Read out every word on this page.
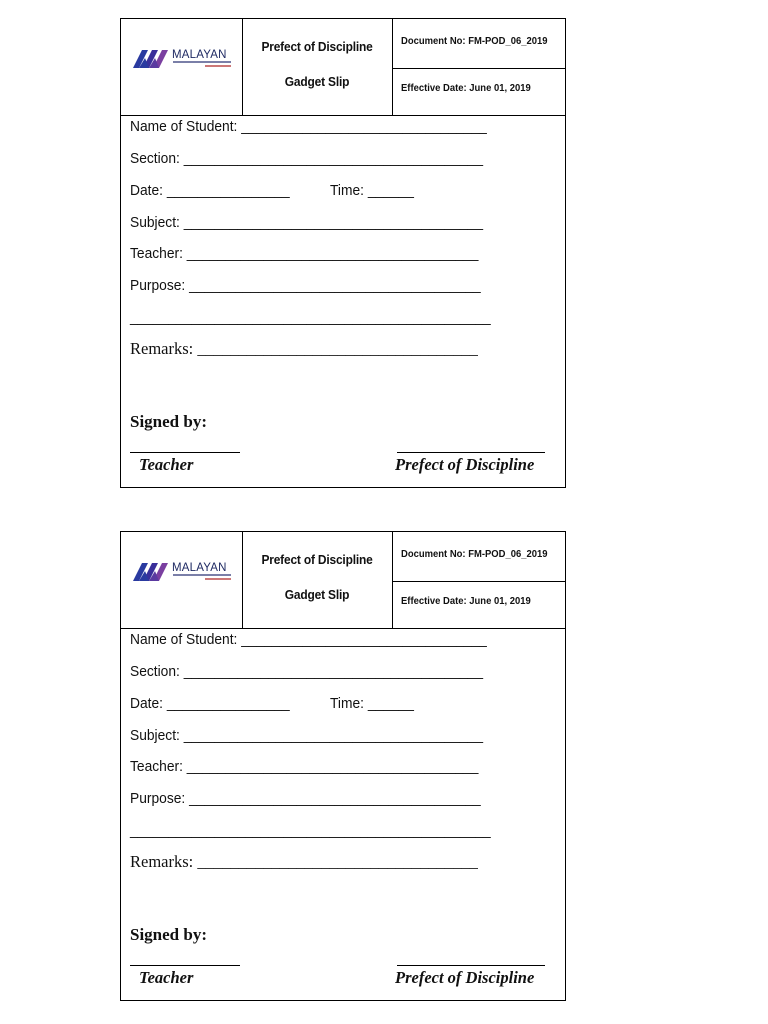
MALAYAN
Prefect of Discipline
Gadget Slip
Document No: FM-POD_06_2019
Effective Date: June 01, 2019
Name of Student: ________________________________
Section: _______________________________________
Date: ________________	Time: ______
Subject: _______________________________________
Teacher: ______________________________________
Purpose: ______________________________________
_______________________________________________
Remarks: __________________________________
Signed by:
Teacher	Prefect of Discipline
MALAYAN
Prefect of Discipline
Gadget Slip
Document No: FM-POD_06_2019
Effective Date: June 01, 2019
Name of Student: ________________________________
Section: _______________________________________
Date: ________________	Time: ______
Subject: _______________________________________
Teacher: ______________________________________
Purpose: ______________________________________
_______________________________________________
Remarks: __________________________________
Signed by:
Teacher	Prefect of Discipline
